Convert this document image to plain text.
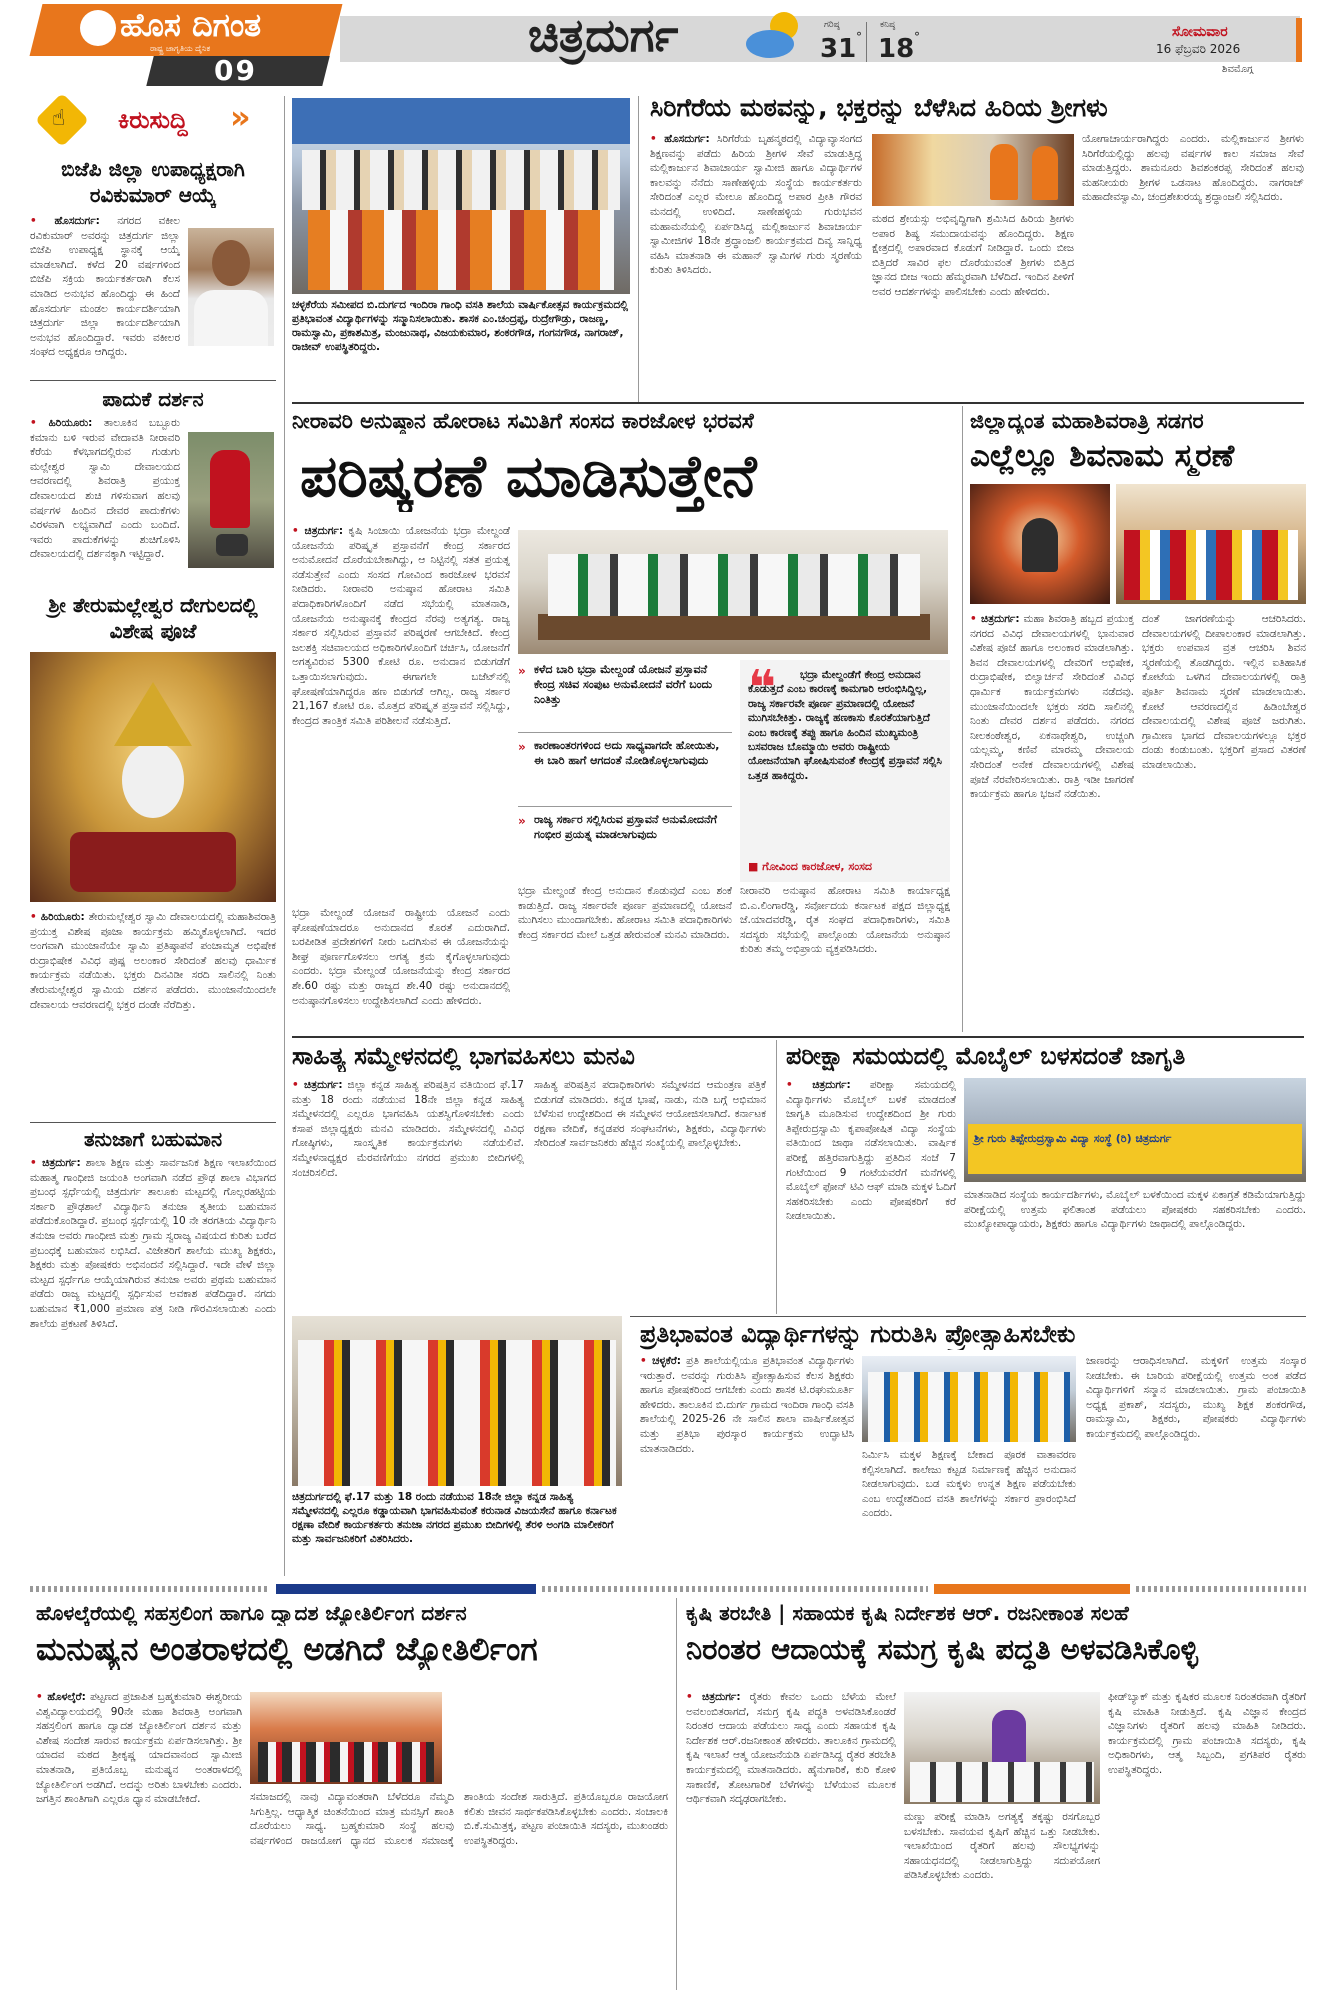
ಹೊಸ ದಿಗಂತ
ರಾಷ್ಟ್ರ ಜಾಗೃತಿಯ ದೈನಿಕ
09
ಚಿತ್ರದುರ್ಗ	ಗರಿಷ್ಠ
31 °
ಕನಿಷ್ಠ
18 °	ಸೋಮವಾರ
16 ಫೆಬ್ರವರಿ 2026
ಶಿವಮೊಗ್ಗ
☝ ಕಿರುಸುದ್ದಿ »
ಬಿಜೆಪಿ ಜಿಲ್ಲಾ ಉಪಾಧ್ಯಕ್ಷರಾಗಿ ರವಿಕುಮಾರ್ ಆಯ್ಕೆ
• ಹೊಸದುರ್ಗ: ನಗರದ ವಕೀಲ ರವಿಕುಮಾರ್ ಅವರನ್ನು ಚಿತ್ರದುರ್ಗ ಜಿಲ್ಲಾ ಬಿಜೆಪಿ ಉಪಾಧ್ಯಕ್ಷ ಸ್ಥಾನಕ್ಕೆ ಆಯ್ಕೆ ಮಾಡಲಾಗಿದೆ. ಕಳೆದ 20 ವರ್ಷಗಳಿಂದ ಬಿಜೆಪಿ ಸಕ್ರಿಯ ಕಾರ್ಯಕರ್ತರಾಗಿ ಕೆಲಸ ಮಾಡಿದ ಅನುಭವ ಹೊಂದಿದ್ದು ಈ ಹಿಂದೆ ಹೊಸದುರ್ಗ ಮಂಡಲ ಕಾರ್ಯದರ್ಶಿಯಾಗಿ ಚಿತ್ರದುರ್ಗ ಜಿಲ್ಲಾ ಕಾರ್ಯದರ್ಶಿಯಾಗಿ ಅನುಭವ ಹೊಂದಿದ್ದಾರೆ. ಇವರು ವಕೀಲರ ಸಂಘದ ಅಧ್ಯಕ್ಷರೂ ಆಗಿದ್ದರು.
ಪಾದುಕೆ ದರ್ಶನ
• ಹಿರಿಯೂರು: ತಾಲೂಕಿನ ಬಬ್ಬೂರು ಕಮಾನು ಬಳಿ ಇರುವ ವೇದಾವತಿ ನೀರಾವರಿ ಕೆರೆಯ ಕೆಳಭಾಗದಲ್ಲಿರುವ ಗುಡುಗು ಮಲ್ಲೇಶ್ವರ ಸ್ವಾಮಿ ದೇವಾಲಯದ ಆವರಣದಲ್ಲಿ ಶಿವರಾತ್ರಿ ಪ್ರಯುಕ್ತ ದೇವಾಲಯದ ಶುಚಿ ಗಳಿಸುವಾಗ ಹಲವು ವರ್ಷಗಳ ಹಿಂದಿನ ದೇವರ ಪಾದುಕೆಗಳು ವಿರಳವಾಗಿ ಲಭ್ಯವಾಗಿದೆ ಎಂದು ಬಂದಿದೆ. ಇವರು ಪಾದುಕೆಗಳನ್ನು ಶುಚಿಗೊಳಿಸಿ ದೇವಾಲಯದಲ್ಲಿ ದರ್ಶನಕ್ಕಾಗಿ ಇಟ್ಟಿದ್ದಾರೆ.
ಶ್ರೀ ತೇರುಮಲ್ಲೇಶ್ವರ ದೇಗುಲದಲ್ಲಿ ವಿಶೇಷ ಪೂಜೆ
• ಹಿರಿಯೂರು: ತೇರುಮಲ್ಲೇಶ್ವರ ಸ್ವಾಮಿ ದೇವಾಲಯದಲ್ಲಿ ಮಹಾಶಿವರಾತ್ರಿ ಪ್ರಯುಕ್ತ ವಿಶೇಷ ಪೂಜಾ ಕಾರ್ಯಕ್ರಮ ಹಮ್ಮಿಕೊಳ್ಳಲಾಗಿದೆ. ಇದರ ಅಂಗವಾಗಿ ಮುಂಜಾನೆಯೇ ಸ್ವಾಮಿ ಪ್ರತಿಷ್ಠಾಪನೆ ಪಂಚಾಮೃತ ಅಭಿಷೇಕ ರುದ್ರಾಭಿಷೇಕ ವಿವಿಧ ಪುಷ್ಪ ಅಲಂಕಾರ ಸೇರಿದಂತೆ ಹಲವು ಧಾರ್ಮಿಕ ಕಾರ್ಯಕ್ರಮ ನಡೆಯಿತು. ಭಕ್ತರು ದಿನವಿಡೀ ಸರದಿ ಸಾಲಿನಲ್ಲಿ ನಿಂತು ತೇರುಮಲ್ಲೇಶ್ವರ ಸ್ವಾಮಿಯ ದರ್ಶನ ಪಡೆದರು. ಮುಂಜಾನೆಯಿಂದಲೇ ದೇವಾಲಯ ಆವರಣದಲ್ಲಿ ಭಕ್ತರ ದಂಡೇ ನೆರೆದಿತ್ತು.
ತನುಜಾಗೆ ಬಹುಮಾನ
• ಚಿತ್ರದುರ್ಗ: ಶಾಲಾ ಶಿಕ್ಷಣ ಮತ್ತು ಸಾರ್ವಜನಿಕ ಶಿಕ್ಷಣ ಇಲಾಖೆಯಿಂದ ಮಹಾತ್ಮ ಗಾಂಧೀಜಿ ಜಯಂತಿ ಅಂಗವಾಗಿ ನಡೆದ ಪ್ರೌಢ ಶಾಲಾ ವಿಭಾಗದ ಪ್ರಬಂಧ ಸ್ಪರ್ಧೆಯಲ್ಲಿ ಚಿತ್ರದುರ್ಗ ತಾಲೂಕು ಮಟ್ಟದಲ್ಲಿ ಗೊಲ್ಲರಹಟ್ಟಿಯ ಸರ್ಕಾರಿ ಪ್ರೌಢಶಾಲೆ ವಿದ್ಯಾರ್ಥಿನಿ ತನುಜಾ ತೃತೀಯ ಬಹುಮಾನ ಪಡೆದುಕೊಂಡಿದ್ದಾರೆ. ಪ್ರಬಂಧ ಸ್ಪರ್ಧೆಯಲ್ಲಿ 10 ನೇ ತರಗತಿಯ ವಿದ್ಯಾರ್ಥಿನಿ ತನುಜಾ ಅವರು ಗಾಂಧೀಜಿ ಮತ್ತು ಗ್ರಾಮ ಸ್ವರಾಜ್ಯ ವಿಷಯದ ಕುರಿತು ಬರೆದ ಪ್ರಬಂಧಕ್ಕೆ ಬಹುಮಾನ ಲಭಿಸಿದೆ. ವಿಜೇತರಿಗೆ ಶಾಲೆಯ ಮುಖ್ಯ ಶಿಕ್ಷಕರು, ಶಿಕ್ಷಕರು ಮತ್ತು ಪೋಷಕರು ಅಭಿನಂದನೆ ಸಲ್ಲಿಸಿದ್ದಾರೆ. ಇದೇ ವೇಳೆ ಜಿಲ್ಲಾ ಮಟ್ಟದ ಸ್ಪರ್ಧೆಗೂ ಆಯ್ಕೆಯಾಗಿರುವ ತನುಜಾ ಅವರು ಪ್ರಥಮ ಬಹುಮಾನ ಪಡೆದು ರಾಜ್ಯ ಮಟ್ಟದಲ್ಲಿ ಸ್ಪರ್ಧಿಸುವ ಅವಕಾಶ ಪಡೆದಿದ್ದಾರೆ. ನಗದು ಬಹುಮಾನ ₹1,000 ಪ್ರಮಾಣ ಪತ್ರ ನೀಡಿ ಗೌರವಿಸಲಾಯಿತು ಎಂದು ಶಾಲೆಯ ಪ್ರಕಟಣೆ ತಿಳಿಸಿದೆ.
ಚಳ್ಳಕೆರೆಯ ಸಮೀಪದ ಬಿ.ದುರ್ಗದ ಇಂದಿರಾ ಗಾಂಧಿ ವಸತಿ ಶಾಲೆಯ ವಾರ್ಷಿಕೋತ್ಸವ ಕಾರ್ಯಕ್ರಮದಲ್ಲಿ ಪ್ರತಿಭಾವಂತ ವಿದ್ಯಾರ್ಥಿಗಳನ್ನು ಸನ್ಮಾನಿಸಲಾಯಿತು. ಶಾಸಕ ಎಂ.ಚಂದ್ರಪ್ಪ, ರುದ್ರೇಗೌಡ್ರು, ರಾಜಣ್ಣ, ರಾಮಸ್ವಾಮಿ, ಪ್ರಕಾಶಮಿತ್ರ, ಮಂಜುನಾಥ, ವಿಜಯಕುಮಾರ, ಶಂಕರಗೌಡ, ಗಂಗನಗೌಡ, ನಾಗರಾಜ್, ರಾಜೀವ್ ಉಪಸ್ಥಿತರಿದ್ದರು.
ಸಿರಿಗೆರೆಯ ಮಠವನ್ನು, ಭಕ್ತರನ್ನು ಬೆಳೆಸಿದ ಹಿರಿಯ ಶ್ರೀಗಳು
• ಹೊಸದುರ್ಗ: ಸಿರಿಗೆರೆಯ ಬೃಹನ್ಮಠದಲ್ಲಿ ವಿದ್ಯಾವ್ಯಾಸಂಗದ ಶಿಕ್ಷಣವನ್ನು ಪಡೆದು ಹಿರಿಯ ಶ್ರೀಗಳ ಸೇವೆ ಮಾಡುತ್ತಿದ್ದ ಮಲ್ಲಿಕಾರ್ಜುನ ಶಿವಾಚಾರ್ಯ ಸ್ವಾಮೀಜಿ ಹಾಗೂ ವಿದ್ಯಾರ್ಥಿಗಳ ಕಾಲವನ್ನು ನೆನೆದು ಸಾಣೇಹಳ್ಳಿಯ ಸಂಸ್ಥೆಯ ಕಾರ್ಯಕರ್ತರು ಸೇರಿದಂತೆ ಎಲ್ಲರ ಮೇಲೂ ಹೊಂದಿದ್ದ ಅಪಾರ ಪ್ರೀತಿ ಗೌರವ ಮನದಲ್ಲಿ ಉಳಿದಿದೆ. ಸಾಣೇಹಳ್ಳಿಯ ಗುರುಭವನ ಮಹಾಮನೆಯಲ್ಲಿ ಏರ್ಪಡಿಸಿದ್ದ ಮಲ್ಲಿಕಾರ್ಜುನ ಶಿವಾಚಾರ್ಯ ಸ್ವಾಮೀಜಿಗಳ 18ನೇ ಶ್ರದ್ಧಾಂಜಲಿ ಕಾರ್ಯಕ್ರಮದ ದಿವ್ಯ ಸಾನ್ನಿಧ್ಯ ವಹಿಸಿ ಮಾತನಾಡಿ ಈ ಮಹಾನ್ ಸ್ವಾಮಿಗಳ ಗುರು ಸ್ಮರಣೆಯ ಕುರಿತು ತಿಳಿಸಿದರು.
ಮಠದ ಶ್ರೇಯಸ್ಸು ಅಭಿವೃದ್ಧಿಗಾಗಿ ಶ್ರಮಿಸಿದ ಹಿರಿಯ ಶ್ರೀಗಳು ಅಪಾರ ಶಿಷ್ಯ ಸಮುದಾಯವನ್ನು ಹೊಂದಿದ್ದರು. ಶಿಕ್ಷಣ ಕ್ಷೇತ್ರದಲ್ಲಿ ಅಪಾರವಾದ ಕೊಡುಗೆ ನೀಡಿದ್ದಾರೆ. ಒಂದು ಬೀಜ ಬಿತ್ತಿದರೆ ಸಾವಿರ ಫಲ ದೊರೆಯುವಂತೆ ಶ್ರೀಗಳು ಬಿತ್ತಿದ ಜ್ಞಾನದ ಬೀಜ ಇಂದು ಹೆಮ್ಮರವಾಗಿ ಬೆಳೆದಿದೆ. ಇಂದಿನ ಪೀಳಿಗೆ ಅವರ ಆದರ್ಶಗಳನ್ನು ಪಾಲಿಸಬೇಕು ಎಂದು ಹೇಳಿದರು.
ಯೋಗಾಚಾರ್ಯರಾಗಿದ್ದರು ಎಂದರು. ಮಲ್ಲಿಕಾರ್ಜುನ ಶ್ರೀಗಳು ಸಿರಿಗೆರೆಯಲ್ಲಿದ್ದು ಹಲವು ವರ್ಷಗಳ ಕಾಲ ಸಮಾಜ ಸೇವೆ ಮಾಡುತ್ತಿದ್ದರು. ಶಾಮನೂರು ಶಿವಶಂಕರಪ್ಪ ಸೇರಿದಂತೆ ಹಲವು ಮಹನೀಯರು ಶ್ರೀಗಳ ಒಡನಾಟ ಹೊಂದಿದ್ದರು. ನಾಗರಾಜ್ ಮಹಾದೇವಸ್ವಾಮಿ, ಚಂದ್ರಶೇಖರಯ್ಯ ಶ್ರದ್ಧಾಂಜಲಿ ಸಲ್ಲಿಸಿದರು.
ನೀರಾವರಿ ಅನುಷ್ಠಾನ ಹೋರಾಟ ಸಮಿತಿಗೆ ಸಂಸದ ಕಾರಜೋಳ ಭರವಸೆ
ಪರಿಷ್ಕರಣೆ ಮಾಡಿಸುತ್ತೇನೆ
• ಚಿತ್ರದುರ್ಗ: ಕೃಷಿ ಸಿಂಚಾಯಿ ಯೋಜನೆಯ ಭದ್ರಾ ಮೇಲ್ದಂಡೆ ಯೋಜನೆಯ ಪರಿಷ್ಕೃತ ಪ್ರಸ್ತಾವನೆಗೆ ಕೇಂದ್ರ ಸರ್ಕಾರದ ಅನುಮೋದನೆ ದೊರೆಯಬೇಕಾಗಿದ್ದು, ಆ ನಿಟ್ಟಿನಲ್ಲಿ ಸತತ ಪ್ರಯತ್ನ ನಡೆಸುತ್ತೇನೆ ಎಂದು ಸಂಸದ ಗೋವಿಂದ ಕಾರಜೋಳ ಭರವಸೆ ನೀಡಿದರು. ನೀರಾವರಿ ಅನುಷ್ಠಾನ ಹೋರಾಟ ಸಮಿತಿ ಪದಾಧಿಕಾರಿಗಳೊಂದಿಗೆ ನಡೆದ ಸಭೆಯಲ್ಲಿ ಮಾತನಾಡಿ, ಯೋಜನೆಯ ಅನುಷ್ಠಾನಕ್ಕೆ ಕೇಂದ್ರದ ನೆರವು ಅತ್ಯಗತ್ಯ. ರಾಜ್ಯ ಸರ್ಕಾರ ಸಲ್ಲಿಸಿರುವ ಪ್ರಸ್ತಾವನೆ ಪರಿಷ್ಕರಣೆ ಆಗಬೇಕಿದೆ. ಕೇಂದ್ರ ಜಲಶಕ್ತಿ ಸಚಿವಾಲಯದ ಅಧಿಕಾರಿಗಳೊಂದಿಗೆ ಚರ್ಚಿಸಿ, ಯೋಜನೆಗೆ ಅಗತ್ಯವಿರುವ 5300 ಕೋಟಿ ರೂ. ಅನುದಾನ ಬಿಡುಗಡೆಗೆ ಒತ್ತಾಯಿಸಲಾಗುವುದು. ಈಗಾಗಲೇ ಬಜೆಟ್‌ನಲ್ಲಿ ಘೋಷಣೆಯಾಗಿದ್ದರೂ ಹಣ ಬಿಡುಗಡೆ ಆಗಿಲ್ಲ. ರಾಜ್ಯ ಸರ್ಕಾರ 21,167 ಕೋಟಿ ರೂ. ಮೊತ್ತದ ಪರಿಷ್ಕೃತ ಪ್ರಸ್ತಾವನೆ ಸಲ್ಲಿಸಿದ್ದು, ಕೇಂದ್ರದ ತಾಂತ್ರಿಕ ಸಮಿತಿ ಪರಿಶೀಲನೆ ನಡೆಸುತ್ತಿದೆ.
ಭದ್ರಾ ಮೇಲ್ದಂಡೆ ಯೋಜನೆ ರಾಷ್ಟ್ರೀಯ ಯೋಜನೆ ಎಂದು ಘೋಷಣೆಯಾದರೂ ಅನುದಾನದ ಕೊರತೆ ಎದುರಾಗಿದೆ. ಬರಪೀಡಿತ ಪ್ರದೇಶಗಳಿಗೆ ನೀರು ಒದಗಿಸುವ ಈ ಯೋಜನೆಯನ್ನು ಶೀಘ್ರ ಪೂರ್ಣಗೊಳಿಸಲು ಅಗತ್ಯ ಕ್ರಮ ಕೈಗೊಳ್ಳಲಾಗುವುದು ಎಂದರು. ಭದ್ರಾ ಮೇಲ್ದಂಡೆ ಯೋಜನೆಯನ್ನು ಕೇಂದ್ರ ಸರ್ಕಾರದ ಶೇ.60 ರಷ್ಟು ಮತ್ತು ರಾಜ್ಯದ ಶೇ.40 ರಷ್ಟು ಅನುದಾನದಲ್ಲಿ ಅನುಷ್ಠಾನಗೊಳಿಸಲು ಉದ್ದೇಶಿಸಲಾಗಿದೆ ಎಂದು ಹೇಳಿದರು.
» ಕಳೆದ ಬಾರಿ ಭದ್ರಾ ಮೇಲ್ದಂಡೆ ಯೋಜನೆ ಪ್ರಸ್ತಾವನೆ ಕೇಂದ್ರ ಸಚಿವ ಸಂಪುಟ ಅನುಮೋದನೆ ವರೆಗೆ ಬಂದು ನಿಂತಿತ್ತು
» ಕಾರಣಾಂತರಗಳಿಂದ ಅದು ಸಾಧ್ಯವಾಗದೇ ಹೋಯಿತು, ಈ ಬಾರಿ ಹಾಗೆ ಆಗದಂತೆ ನೋಡಿಕೊಳ್ಳಲಾಗುವುದು
» ರಾಜ್ಯ ಸರ್ಕಾರ ಸಲ್ಲಿಸಿರುವ ಪ್ರಸ್ತಾವನೆ ಅನುಮೋದನೆಗೆ ಗಂಭೀರ ಪ್ರಯತ್ನ ಮಾಡಲಾಗುವುದು
❝	ಭದ್ರಾ ಮೇಲ್ದಂಡೆಗೆ ಕೇಂದ್ರ ಅನುದಾನ ಕೊಡುತ್ತದೆ ಎಂಬ ಕಾರಣಕ್ಕೆ ಕಾಮಗಾರಿ ಆರಂಭಿಸಿದ್ದಿಲ್ಲ, ರಾಜ್ಯ ಸರ್ಕಾರವೇ ಪೂರ್ಣ ಪ್ರಮಾಣದಲ್ಲಿ ಯೋಜನೆ ಮುಗಿಸಬೇಕಿತ್ತು. ರಾಜ್ಯಕ್ಕೆ ಹಣಕಾಸು ಕೊರತೆಯಾಗುತ್ತಿದೆ ಎಂಬ ಕಾರಣಕ್ಕೆ ತಪ್ಪು ಹಾಗೂ ಹಿಂದಿನ ಮುಖ್ಯಮಂತ್ರಿ ಬಸವರಾಜ ಬೊಮ್ಮಾಯಿ ಅವರು ರಾಷ್ಟ್ರೀಯ ಯೋಜನೆಯಾಗಿ ಘೋಷಿಸುವಂತೆ ಕೇಂದ್ರಕ್ಕೆ ಪ್ರಸ್ತಾವನೆ ಸಲ್ಲಿಸಿ ಒತ್ತಡ ಹಾಕಿದ್ದರು.
■ ಗೋವಿಂದ ಕಾರಜೋಳ, ಸಂಸದ
ಭದ್ರಾ ಮೇಲ್ದಂಡೆ ಕೇಂದ್ರ ಅನುದಾನ ಕೊಡುವುದೆ ಎಂಬ ಶಂಕೆ ಕಾಡುತ್ತಿದೆ. ರಾಜ್ಯ ಸರ್ಕಾರವೇ ಪೂರ್ಣ ಪ್ರಮಾಣದಲ್ಲಿ ಯೋಜನೆ ಮುಗಿಸಲು ಮುಂದಾಗಬೇಕು. ಹೋರಾಟ ಸಮಿತಿ ಪದಾಧಿಕಾರಿಗಳು ಕೇಂದ್ರ ಸರ್ಕಾರದ ಮೇಲೆ ಒತ್ತಡ ಹೇರುವಂತೆ ಮನವಿ ಮಾಡಿದರು.
ನೀರಾವರಿ ಅನುಷ್ಠಾನ ಹೋರಾಟ ಸಮಿತಿ ಕಾರ್ಯಾಧ್ಯಕ್ಷ ಬಿ.ಎ.ಲಿಂಗಾರೆಡ್ಡಿ, ಸರ್ವೋದಯ ಕರ್ನಾಟಕ ಪಕ್ಷದ ಜಿಲ್ಲಾಧ್ಯಕ್ಷ ಜೆ.ಯಾದವರೆಡ್ಡಿ, ರೈತ ಸಂಘದ ಪದಾಧಿಕಾರಿಗಳು, ಸಮಿತಿ ಸದಸ್ಯರು ಸಭೆಯಲ್ಲಿ ಪಾಲ್ಗೊಂಡು ಯೋಜನೆಯ ಅನುಷ್ಠಾನ ಕುರಿತು ತಮ್ಮ ಅಭಿಪ್ರಾಯ ವ್ಯಕ್ತಪಡಿಸಿದರು.
ಜಿಲ್ಲಾದ್ಯಂತ ಮಹಾಶಿವರಾತ್ರಿ ಸಡಗರ
ಎಲ್ಲೆಲ್ಲೂ ಶಿವನಾಮ ಸ್ಮರಣೆ
• ಚಿತ್ರದುರ್ಗ: ಮಹಾ ಶಿವರಾತ್ರಿ ಹಬ್ಬದ ಪ್ರಯುಕ್ತ ನಗರದ ವಿವಿಧ ದೇವಾಲಯಗಳಲ್ಲಿ ಭಾನುವಾರ ವಿಶೇಷ ಪೂಜೆ ಹಾಗೂ ಅಲಂಕಾರ ಮಾಡಲಾಗಿತ್ತು. ಶಿವನ ದೇವಾಲಯಗಳಲ್ಲಿ ದೇವರಿಗೆ ಅಭಿಷೇಕ, ರುದ್ರಾಭಿಷೇಕ, ಬಿಲ್ವಾರ್ಚನೆ ಸೇರಿದಂತೆ ವಿವಿಧ ಧಾರ್ಮಿಕ ಕಾರ್ಯಕ್ರಮಗಳು ನಡೆದವು. ಮುಂಜಾನೆಯಿಂದಲೇ ಭಕ್ತರು ಸರದಿ ಸಾಲಿನಲ್ಲಿ ನಿಂತು ದೇವರ ದರ್ಶನ ಪಡೆದರು. ನಗರದ ನೀಲಕಂಠೇಶ್ವರ, ಏಕನಾಥೇಶ್ವರಿ, ಉಚ್ಚಂಗಿ ಯಲ್ಲಮ್ಮ, ಕಣಿವೆ ಮಾರಮ್ಮ ದೇವಾಲಯ ಸೇರಿದಂತೆ ಅನೇಕ ದೇವಾಲಯಗಳಲ್ಲಿ ವಿಶೇಷ ಪೂಜೆ ನೆರವೇರಿಸಲಾಯಿತು. ರಾತ್ರಿ ಇಡೀ ಜಾಗರಣೆ ಕಾರ್ಯಕ್ರಮ ಹಾಗೂ ಭಜನೆ ನಡೆಯಿತು.
ದಂತೆ ಜಾಗರಣೆಯನ್ನು ಆಚರಿಸಿದರು. ದೇವಾಲಯಗಳಲ್ಲಿ ದೀಪಾಲಂಕಾರ ಮಾಡಲಾಗಿತ್ತು. ಭಕ್ತರು ಉಪವಾಸ ವ್ರತ ಆಚರಿಸಿ ಶಿವನ ಸ್ಮರಣೆಯಲ್ಲಿ ತೊಡಗಿದ್ದರು. ಇಲ್ಲಿನ ಐತಿಹಾಸಿಕ ಕೋಟೆಯ ಒಳಗಿನ ದೇವಾಲಯಗಳಲ್ಲಿ ರಾತ್ರಿ ಪೂರ್ತಿ ಶಿವನಾಮ ಸ್ಮರಣೆ ಮಾಡಲಾಯಿತು. ಕೋಟೆ ಆವರಣದಲ್ಲಿನ ಹಿಡಿಂಬೇಶ್ವರ ದೇವಾಲಯದಲ್ಲಿ ವಿಶೇಷ ಪೂಜೆ ಜರುಗಿತು. ಗ್ರಾಮೀಣ ಭಾಗದ ದೇವಾಲಯಗಳಲ್ಲೂ ಭಕ್ತರ ದಂಡು ಕಂಡುಬಂತು. ಭಕ್ತರಿಗೆ ಪ್ರಸಾದ ವಿತರಣೆ ಮಾಡಲಾಯಿತು.
ಸಾಹಿತ್ಯ ಸಮ್ಮೇಳನದಲ್ಲಿ ಭಾಗವಹಿಸಲು ಮನವಿ
• ಚಿತ್ರದುರ್ಗ: ಜಿಲ್ಲಾ ಕನ್ನಡ ಸಾಹಿತ್ಯ ಪರಿಷತ್ತಿನ ವತಿಯಿಂದ ಫೆ.17 ಮತ್ತು 18 ರಂದು ನಡೆಯುವ 18ನೇ ಜಿಲ್ಲಾ ಕನ್ನಡ ಸಾಹಿತ್ಯ ಸಮ್ಮೇಳನದಲ್ಲಿ ಎಲ್ಲರೂ ಭಾಗವಹಿಸಿ ಯಶಸ್ವಿಗೊಳಿಸಬೇಕು ಎಂದು ಕಸಾಪ ಜಿಲ್ಲಾಧ್ಯಕ್ಷರು ಮನವಿ ಮಾಡಿದರು. ಸಮ್ಮೇಳನದಲ್ಲಿ ವಿವಿಧ ಗೋಷ್ಠಿಗಳು, ಸಾಂಸ್ಕೃತಿಕ ಕಾರ್ಯಕ್ರಮಗಳು ನಡೆಯಲಿವೆ. ಸಮ್ಮೇಳನಾಧ್ಯಕ್ಷರ ಮೆರವಣಿಗೆಯು ನಗರದ ಪ್ರಮುಖ ಬೀದಿಗಳಲ್ಲಿ ಸಂಚರಿಸಲಿದೆ.
ಸಾಹಿತ್ಯ ಪರಿಷತ್ತಿನ ಪದಾಧಿಕಾರಿಗಳು ಸಮ್ಮೇಳನದ ಆಮಂತ್ರಣ ಪತ್ರಿಕೆ ಬಿಡುಗಡೆ ಮಾಡಿದರು. ಕನ್ನಡ ಭಾಷೆ, ನಾಡು, ನುಡಿ ಬಗ್ಗೆ ಅಭಿಮಾನ ಬೆಳೆಸುವ ಉದ್ದೇಶದಿಂದ ಈ ಸಮ್ಮೇಳನ ಆಯೋಜಿಸಲಾಗಿದೆ. ಕರ್ನಾಟಕ ರಕ್ಷಣಾ ವೇದಿಕೆ, ಕನ್ನಡಪರ ಸಂಘಟನೆಗಳು, ಶಿಕ್ಷಕರು, ವಿದ್ಯಾರ್ಥಿಗಳು ಸೇರಿದಂತೆ ಸಾರ್ವಜನಿಕರು ಹೆಚ್ಚಿನ ಸಂಖ್ಯೆಯಲ್ಲಿ ಪಾಲ್ಗೊಳ್ಳಬೇಕು.
ಚಿತ್ರದುರ್ಗದಲ್ಲಿ ಫೆ.17 ಮತ್ತು 18 ರಂದು ನಡೆಯುವ 18ನೇ ಜಿಲ್ಲಾ ಕನ್ನಡ ಸಾಹಿತ್ಯ ಸಮ್ಮೇಳನದಲ್ಲಿ ಎಲ್ಲರೂ ಕಡ್ಡಾಯವಾಗಿ ಭಾಗವಹಿಸುವಂತೆ ಕರುನಾಡ ವಿಜಯಸೇನೆ ಹಾಗೂ ಕರ್ನಾಟಕ ರಕ್ಷಣಾ ವೇದಿಕೆ ಕಾರ್ಯಕರ್ತರು ತನುಜಾ ನಗರದ ಪ್ರಮುಖ ಬೀದಿಗಳಲ್ಲಿ ತೆರಳಿ ಅಂಗಡಿ ಮಾಲೀಕರಿಗೆ ಮತ್ತು ಸಾರ್ವಜನಿಕರಿಗೆ ವಿತರಿಸಿದರು.
ಪರೀಕ್ಷಾ ಸಮಯದಲ್ಲಿ ಮೊಬೈಲ್ ಬಳಸದಂತೆ ಜಾಗೃತಿ
• ಚಿತ್ರದುರ್ಗ: ಪರೀಕ್ಷಾ ಸಮಯದಲ್ಲಿ ವಿದ್ಯಾರ್ಥಿಗಳು ಮೊಬೈಲ್ ಬಳಕೆ ಮಾಡದಂತೆ ಜಾಗೃತಿ ಮೂಡಿಸುವ ಉದ್ದೇಶದಿಂದ ಶ್ರೀ ಗುರು ತಿಪ್ಪೇರುದ್ರಸ್ವಾಮಿ ಕೃಪಾಪೋಷಿತ ವಿದ್ಯಾ ಸಂಸ್ಥೆಯ ವತಿಯಿಂದ ಜಾಥಾ ನಡೆಸಲಾಯಿತು. ವಾರ್ಷಿಕ ಪರೀಕ್ಷೆ ಹತ್ತಿರವಾಗುತ್ತಿದ್ದು ಪ್ರತಿದಿನ ಸಂಜೆ 7 ಗಂಟೆಯಿಂದ 9 ಗಂಟೆಯವರೆಗೆ ಮನೆಗಳಲ್ಲಿ ಮೊಬೈಲ್ ಫೋನ್ ಟಿವಿ ಆಫ್ ಮಾಡಿ ಮಕ್ಕಳ ಓದಿಗೆ ಸಹಕರಿಸಬೇಕು ಎಂದು ಪೋಷಕರಿಗೆ ಕರೆ ನೀಡಲಾಯಿತು.
ಶ್ರೀ ಗುರು ತಿಪ್ಪೇರುದ್ರಸ್ವಾಮಿ ವಿದ್ಯಾ ಸಂಸ್ಥೆ (ರಿ) ಚಿತ್ರದುರ್ಗ
ಮಾತನಾಡಿದ ಸಂಸ್ಥೆಯ ಕಾರ್ಯದರ್ಶಿಗಳು, ಮೊಬೈಲ್ ಬಳಕೆಯಿಂದ ಮಕ್ಕಳ ಏಕಾಗ್ರತೆ ಕಡಿಮೆಯಾಗುತ್ತಿದ್ದು ಪರೀಕ್ಷೆಯಲ್ಲಿ ಉತ್ತಮ ಫಲಿತಾಂಶ ಪಡೆಯಲು ಪೋಷಕರು ಸಹಕರಿಸಬೇಕು ಎಂದರು. ಮುಖ್ಯೋಪಾಧ್ಯಾಯರು, ಶಿಕ್ಷಕರು ಹಾಗೂ ವಿದ್ಯಾರ್ಥಿಗಳು ಜಾಥಾದಲ್ಲಿ ಪಾಲ್ಗೊಂಡಿದ್ದರು.
ಪ್ರತಿಭಾವಂತ ವಿದ್ಯಾರ್ಥಿಗಳನ್ನು ಗುರುತಿಸಿ ಪ್ರೋತ್ಸಾಹಿಸಬೇಕು
• ಚಳ್ಳಕೆರೆ: ಪ್ರತಿ ಶಾಲೆಯಲ್ಲಿಯೂ ಪ್ರತಿಭಾವಂತ ವಿದ್ಯಾರ್ಥಿಗಳು ಇರುತ್ತಾರೆ. ಅವರನ್ನು ಗುರುತಿಸಿ ಪ್ರೋತ್ಸಾಹಿಸುವ ಕೆಲಸ ಶಿಕ್ಷಕರು ಹಾಗೂ ಪೋಷಕರಿಂದ ಆಗಬೇಕು ಎಂದು ಶಾಸಕ ಟಿ.ರಘುಮೂರ್ತಿ ಹೇಳಿದರು. ತಾಲೂಕಿನ ಬಿ.ದುರ್ಗ ಗ್ರಾಮದ ಇಂದಿರಾ ಗಾಂಧಿ ವಸತಿ ಶಾಲೆಯಲ್ಲಿ 2025-26 ನೇ ಸಾಲಿನ ಶಾಲಾ ವಾರ್ಷಿಕೋತ್ಸವ ಮತ್ತು ಪ್ರತಿಭಾ ಪುರಸ್ಕಾರ ಕಾರ್ಯಕ್ರಮ ಉದ್ಘಾಟಿಸಿ ಮಾತನಾಡಿದರು.
ನಿರ್ಮಿಸಿ ಮಕ್ಕಳ ಶಿಕ್ಷಣಕ್ಕೆ ಬೇಕಾದ ಪೂರಕ ವಾತಾವರಣ ಕಲ್ಪಿಸಲಾಗಿದೆ. ಕಾಲೇಜು ಕಟ್ಟಡ ನಿರ್ಮಾಣಕ್ಕೆ ಹೆಚ್ಚಿನ ಅನುದಾನ ನೀಡಲಾಗುವುದು. ಬಡ ಮಕ್ಕಳು ಉನ್ನತ ಶಿಕ್ಷಣ ಪಡೆಯಬೇಕು ಎಂಬ ಉದ್ದೇಶದಿಂದ ವಸತಿ ಶಾಲೆಗಳನ್ನು ಸರ್ಕಾರ ಪ್ರಾರಂಭಿಸಿದೆ ಎಂದರು.
ಜಾಣರನ್ನು ಆರಾಧಿಸಲಾಗಿದೆ. ಮಕ್ಕಳಿಗೆ ಉತ್ತಮ ಸಂಸ್ಕಾರ ನೀಡಬೇಕು. ಈ ಬಾರಿಯ ಪರೀಕ್ಷೆಯಲ್ಲಿ ಉತ್ತಮ ಅಂಕ ಪಡೆದ ವಿದ್ಯಾರ್ಥಿಗಳಿಗೆ ಸನ್ಮಾನ ಮಾಡಲಾಯಿತು. ಗ್ರಾಮ ಪಂಚಾಯಿತಿ ಅಧ್ಯಕ್ಷ ಪ್ರಕಾಶ್, ಸದಸ್ಯರು, ಮುಖ್ಯ ಶಿಕ್ಷಕ ಶಂಕರಗೌಡ, ರಾಮಸ್ವಾಮಿ, ಶಿಕ್ಷಕರು, ಪೋಷಕರು ವಿದ್ಯಾರ್ಥಿಗಳು ಕಾರ್ಯಕ್ರಮದಲ್ಲಿ ಪಾಲ್ಗೊಂಡಿದ್ದರು.
ಹೊಳಲ್ಕೆರೆಯಲ್ಲಿ ಸಹಸ್ರಲಿಂಗ ಹಾಗೂ ದ್ವಾದಶ ಜ್ಯೋತಿರ್ಲಿಂಗ ದರ್ಶನ
ಮನುಷ್ಯನ ಅಂತರಾಳದಲ್ಲಿ ಅಡಗಿದೆ ಜ್ಯೋತಿರ್ಲಿಂಗ
• ಹೊಳಲ್ಕೆರೆ: ಪಟ್ಟಣದ ಪ್ರಜಾಪಿತ ಬ್ರಹ್ಮಕುಮಾರಿ ಈಶ್ವರೀಯ ವಿಶ್ವವಿದ್ಯಾಲಯದಲ್ಲಿ 90ನೇ ಮಹಾ ಶಿವರಾತ್ರಿ ಅಂಗವಾಗಿ ಸಹಸ್ರಲಿಂಗ ಹಾಗೂ ದ್ವಾದಶ ಜ್ಯೋತಿರ್ಲಿಂಗ ದರ್ಶನ ಮತ್ತು ವಿಶೇಷ ಸಂದೇಶ ಸಾರುವ ಕಾರ್ಯಕ್ರಮ ಏರ್ಪಡಿಸಲಾಗಿತ್ತು. ಶ್ರೀ ಯಾದವ ಮಠದ ಶ್ರೀಕೃಷ್ಣ ಯಾದವಾನಂದ ಸ್ವಾಮೀಜಿ ಮಾತನಾಡಿ, ಪ್ರತಿಯೊಬ್ಬ ಮನುಷ್ಯನ ಅಂತರಾಳದಲ್ಲಿ ಜ್ಯೋತಿರ್ಲಿಂಗ ಅಡಗಿದೆ. ಅದನ್ನು ಅರಿತು ಬಾಳಬೇಕು ಎಂದರು. ಜಗತ್ತಿನ ಶಾಂತಿಗಾಗಿ ಎಲ್ಲರೂ ಧ್ಯಾನ ಮಾಡಬೇಕಿದೆ.	ಸಮಾಜದಲ್ಲಿ ನಾವು ವಿದ್ಯಾವಂತರಾಗಿ ಬೆಳೆದರೂ ನೆಮ್ಮದಿ ಸಿಗುತ್ತಿಲ್ಲ. ಆಧ್ಯಾತ್ಮಿಕ ಚಿಂತನೆಯಿಂದ ಮಾತ್ರ ಮನಸ್ಸಿಗೆ ಶಾಂತಿ ದೊರೆಯಲು ಸಾಧ್ಯ. ಬ್ರಹ್ಮಕುಮಾರಿ ಸಂಸ್ಥೆ ಹಲವು ವರ್ಷಗಳಿಂದ ರಾಜಯೋಗ ಧ್ಯಾನದ ಮೂಲಕ ಸಮಾಜಕ್ಕೆ ಶಾಂತಿಯ ಸಂದೇಶ ಸಾರುತ್ತಿದೆ. ಪ್ರತಿಯೊಬ್ಬರೂ ರಾಜಯೋಗ ಕಲಿತು ಜೀವನ ಸಾರ್ಥಕಪಡಿಸಿಕೊಳ್ಳಬೇಕು ಎಂದರು. ಸಂಚಾಲಕಿ ಬಿ.ಕೆ.ಸುಮಿತ್ರಕ್ಕ, ಪಟ್ಟಣ ಪಂಚಾಯಿತಿ ಸದಸ್ಯರು, ಮುಖಂಡರು ಉಪಸ್ಥಿತರಿದ್ದರು.
ಕೃಷಿ ತರಬೇತಿ | ಸಹಾಯಕ ಕೃಷಿ ನಿರ್ದೇಶಕ ಆರ್. ರಜನೀಕಾಂತ ಸಲಹೆ
ನಿರಂತರ ಆದಾಯಕ್ಕೆ ಸಮಗ್ರ ಕೃಷಿ ಪದ್ಧತಿ ಅಳವಡಿಸಿಕೊಳ್ಳಿ
• ಚಿತ್ರದುರ್ಗ: ರೈತರು ಕೇವಲ ಒಂದು ಬೆಳೆಯ ಮೇಲೆ ಅವಲಂಬಿತರಾಗದೆ, ಸಮಗ್ರ ಕೃಷಿ ಪದ್ಧತಿ ಅಳವಡಿಸಿಕೊಂಡರೆ ನಿರಂತರ ಆದಾಯ ಪಡೆಯಲು ಸಾಧ್ಯ ಎಂದು ಸಹಾಯಕ ಕೃಷಿ ನಿರ್ದೇಶಕ ಆರ್.ರಜನೀಕಾಂತ ಹೇಳಿದರು. ತಾಲೂಕಿನ ಗ್ರಾಮದಲ್ಲಿ ಕೃಷಿ ಇಲಾಖೆ ಆತ್ಮ ಯೋಜನೆಯಡಿ ಏರ್ಪಡಿಸಿದ್ದ ರೈತರ ತರಬೇತಿ ಕಾರ್ಯಕ್ರಮದಲ್ಲಿ ಮಾತನಾಡಿದರು. ಹೈನುಗಾರಿಕೆ, ಕುರಿ ಕೋಳಿ ಸಾಕಾಣಿಕೆ, ತೋಟಗಾರಿಕೆ ಬೆಳೆಗಳನ್ನು ಬೆಳೆಯುವ ಮೂಲಕ ಆರ್ಥಿಕವಾಗಿ ಸದೃಢರಾಗಬೇಕು.
ಮಣ್ಣು ಪರೀಕ್ಷೆ ಮಾಡಿಸಿ ಅಗತ್ಯಕ್ಕೆ ತಕ್ಕಷ್ಟು ರಸಗೊಬ್ಬರ ಬಳಸಬೇಕು. ಸಾವಯವ ಕೃಷಿಗೆ ಹೆಚ್ಚಿನ ಒತ್ತು ನೀಡಬೇಕು. ಇಲಾಖೆಯಿಂದ ರೈತರಿಗೆ ಹಲವು ಸೌಲಭ್ಯಗಳನ್ನು ಸಹಾಯಧನದಲ್ಲಿ ನೀಡಲಾಗುತ್ತಿದ್ದು ಸದುಪಯೋಗ ಪಡಿಸಿಕೊಳ್ಳಬೇಕು ಎಂದರು.
ಫೀಡ್‌ಬ್ಯಾಕ್ ಮತ್ತು ಕೃಷಿಕರ ಮೂಲಕ ನಿರಂತರವಾಗಿ ರೈತರಿಗೆ ಕೃಷಿ ಮಾಹಿತಿ ನೀಡುತ್ತಿದೆ. ಕೃಷಿ ವಿಜ್ಞಾನ ಕೇಂದ್ರದ ವಿಜ್ಞಾನಿಗಳು ರೈತರಿಗೆ ಹಲವು ಮಾಹಿತಿ ನೀಡಿದರು. ಕಾರ್ಯಕ್ರಮದಲ್ಲಿ ಗ್ರಾಮ ಪಂಚಾಯಿತಿ ಸದಸ್ಯರು, ಕೃಷಿ ಅಧಿಕಾರಿಗಳು, ಆತ್ಮ ಸಿಬ್ಬಂದಿ, ಪ್ರಗತಿಪರ ರೈತರು ಉಪಸ್ಥಿತರಿದ್ದರು.
